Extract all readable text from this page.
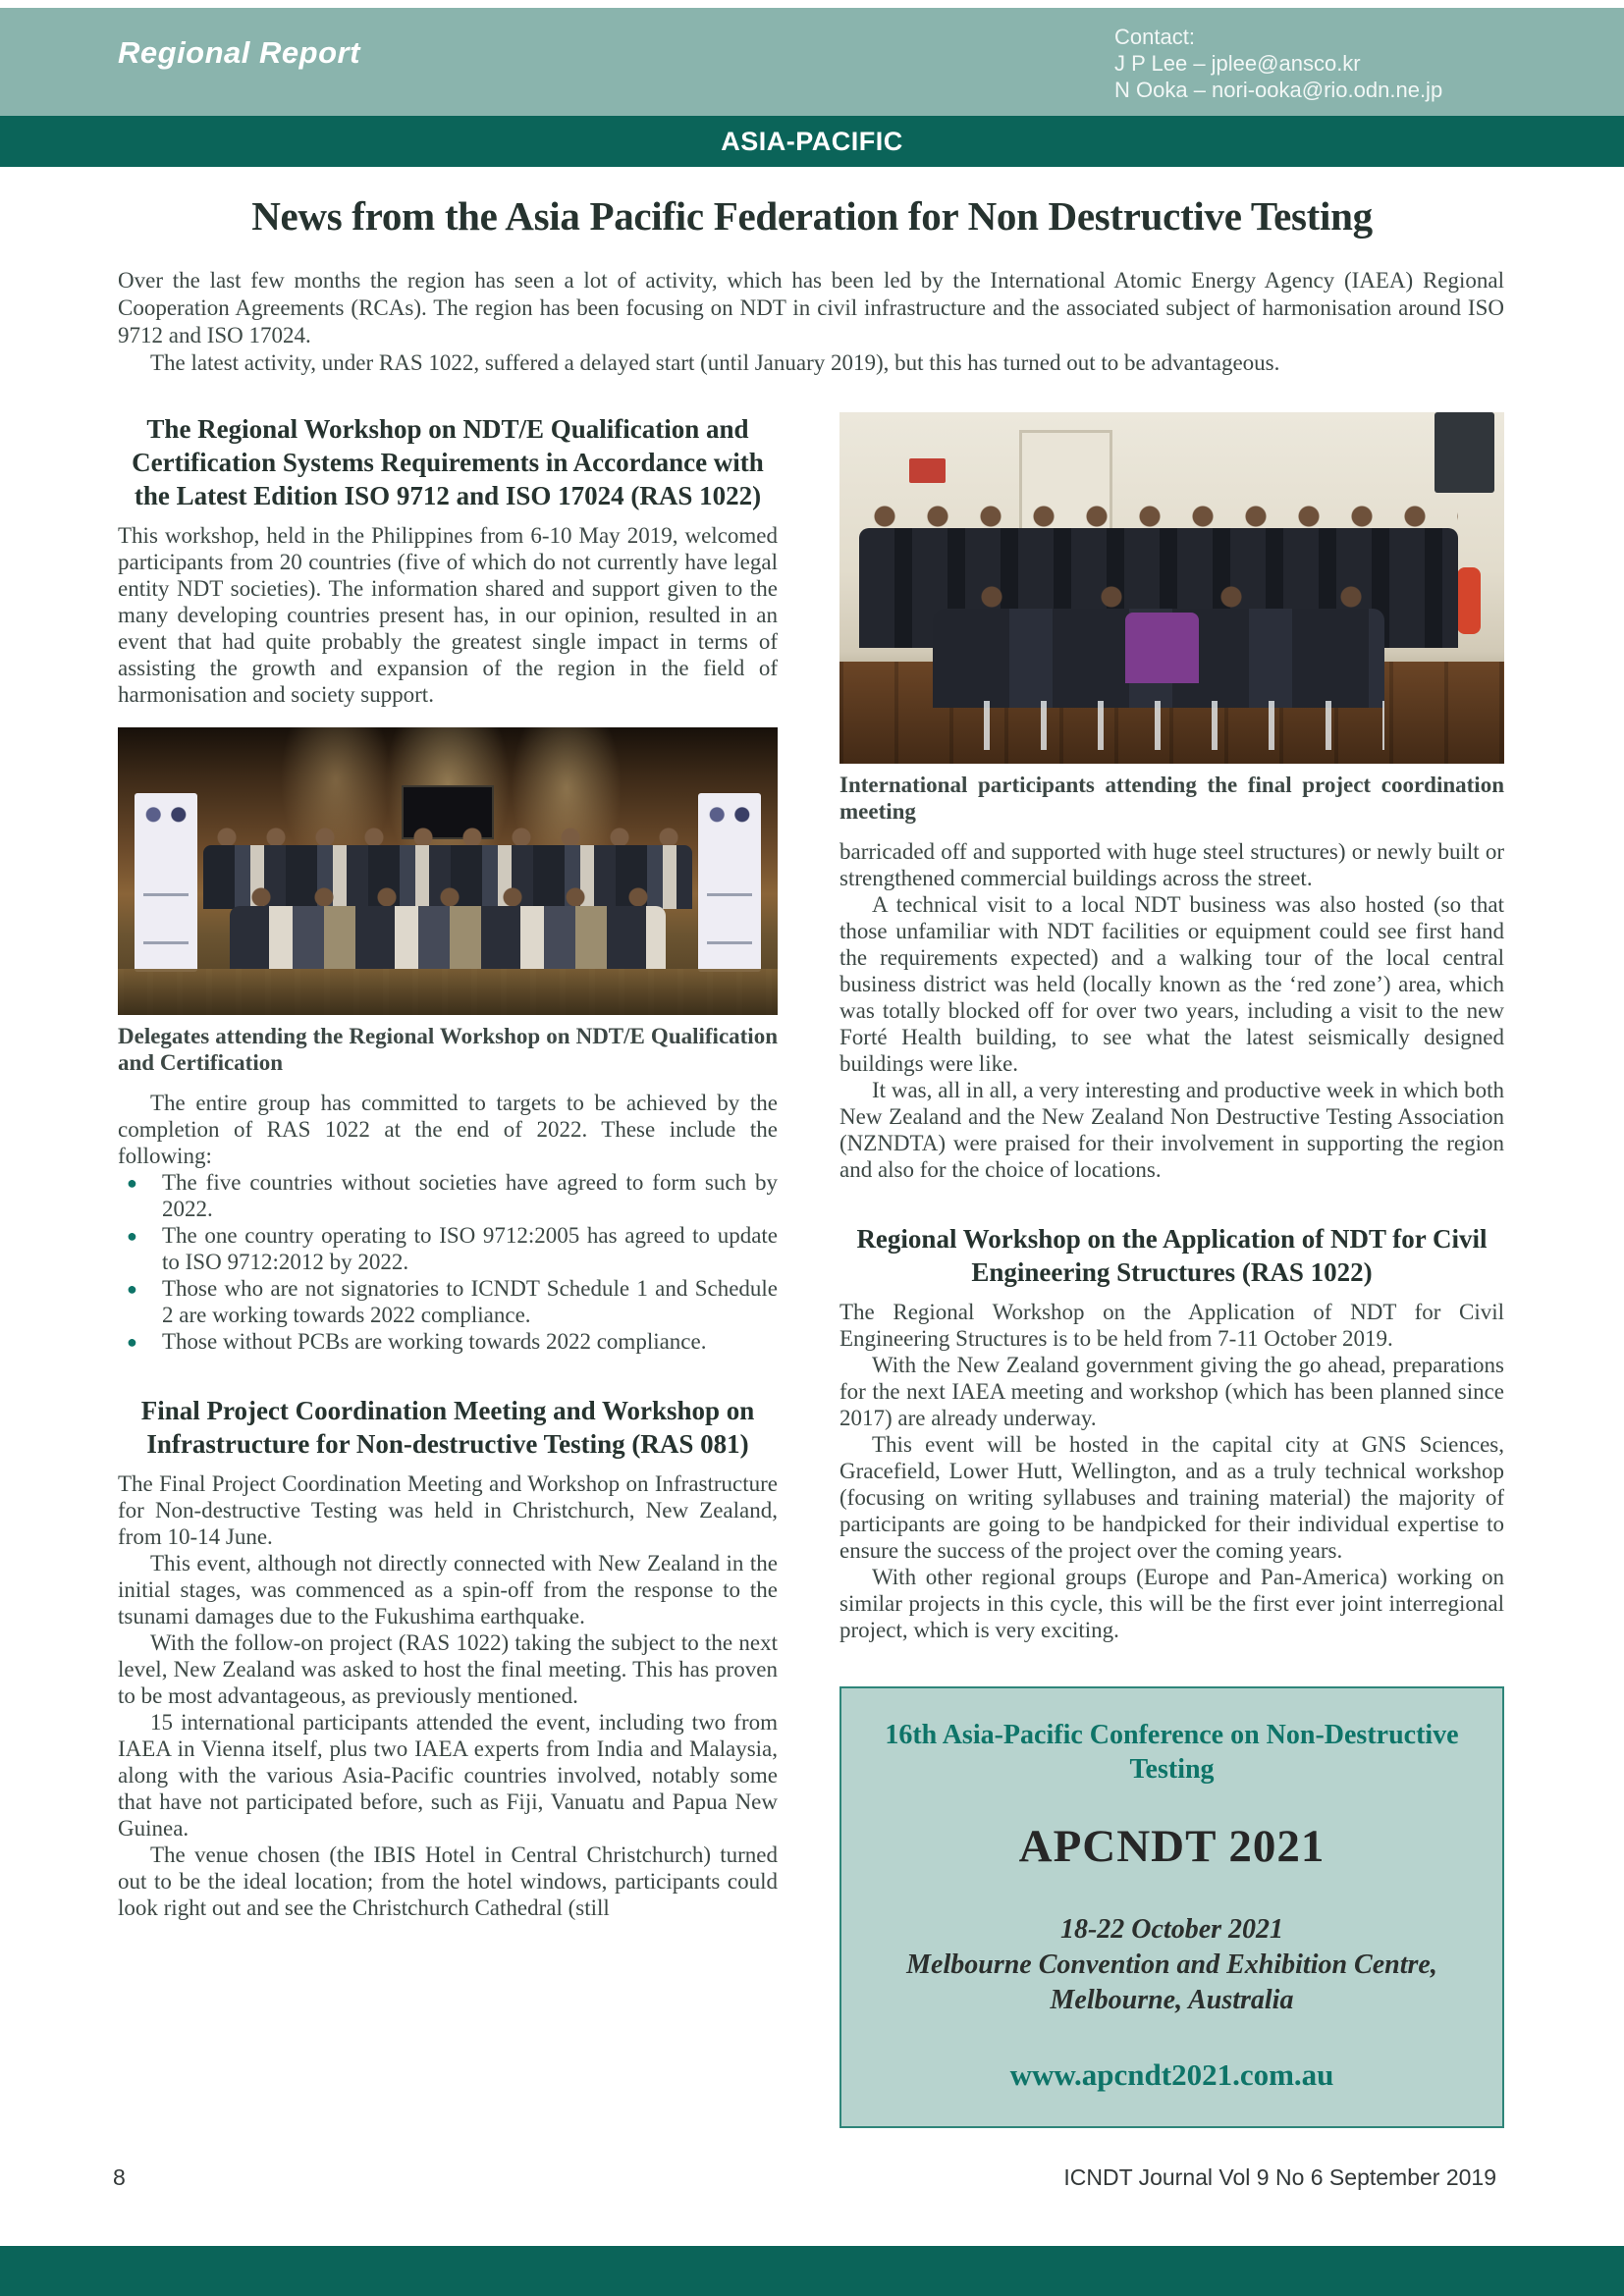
Regional Report	Contact:
J P Lee – jplee@ansco.kr
N Ooka – nori-ooka@rio.odn.ne.jp
ASIA-PACIFIC
News from the Asia Pacific Federation for Non Destructive Testing

Over the last few months the region has seen a lot of activity, which has been led by the International Atomic Energy Agency (IAEA) Regional Cooperation Agreements (RCAs). The region has been focusing on NDT in civil infrastructure and the associated subject of harmonisation around ISO 9712 and ISO 17024.

The latest activity, under RAS 1022, suffered a delayed start (until January 2019), but this has turned out to be advantageous.

The Regional Workshop on NDT/E Qualification and Certification Systems Requirements in Accordance with the Latest Edition ISO 9712 and ISO 17024 (RAS 1022)

This workshop, held in the Philippines from 6-10 May 2019, welcomed participants from 20 countries (five of which do not currently have legal entity NDT societies). The information shared and support given to the many developing countries present has, in our opinion, resulted in an event that had quite probably the greatest single impact in terms of assisting the growth and expansion of the region in the field of harmonisation and society support.

Delegates attending the Regional Workshop on NDT/E Qualification and Certification

The entire group has committed to targets to be achieved by the completion of RAS 1022 at the end of 2022. These include the following:

● The five countries without societies have agreed to form such by 2022.
● The one country operating to ISO 9712:2005 has agreed to update to ISO 9712:2012 by 2022.
● Those who are not signatories to ICNDT Schedule 1 and Schedule 2 are working towards 2022 compliance.
● Those without PCBs are working towards 2022 compliance.
Final Project Coordination Meeting and Workshop on Infrastructure for Non-destructive Testing (RAS 081)

The Final Project Coordination Meeting and Workshop on Infrastructure for Non-destructive Testing was held in Christchurch, New Zealand, from 10-14 June.

This event, although not directly connected with New Zealand in the initial stages, was commenced as a spin-off from the response to the tsunami damages due to the Fukushima earthquake.

With the follow-on project (RAS 1022) taking the subject to the next level, New Zealand was asked to host the final meeting. This has proven to be most advantageous, as previously mentioned.

15 international participants attended the event, including two from IAEA in Vienna itself, plus two IAEA experts from India and Malaysia, along with the various Asia-Pacific countries involved, notably some that have not participated before, such as Fiji, Vanuatu and Papua New Guinea.

The venue chosen (the IBIS Hotel in Central Christchurch) turned out to be the ideal location; from the hotel windows, participants could look right out and see the Christchurch Cathedral (still

International participants attending the final project coordination meeting

barricaded off and supported with huge steel structures) or newly built or strengthened commercial buildings across the street.

A technical visit to a local NDT business was also hosted (so that those unfamiliar with NDT facilities or equipment could see first hand the requirements expected) and a walking tour of the local central business district was held (locally known as the ‘red zone’) area, which was totally blocked off for over two years, including a visit to the new Forté Health building, to see what the latest seismically designed buildings were like.

It was, all in all, a very interesting and productive week in which both New Zealand and the New Zealand Non Destructive Testing Association (NZNDTA) were praised for their involvement in supporting the region and also for the choice of locations.

Regional Workshop on the Application of NDT for Civil Engineering Structures (RAS 1022)

The Regional Workshop on the Application of NDT for Civil Engineering Structures is to be held from 7-11 October 2019.

With the New Zealand government giving the go ahead, preparations for the next IAEA meeting and workshop (which has been planned since 2017) are already underway.

This event will be hosted in the capital city at GNS Sciences, Gracefield, Lower Hutt, Wellington, and as a truly technical workshop (focusing on writing syllabuses and training material) the majority of participants are going to be handpicked for their individual expertise to ensure the success of the project over the coming years.

With other regional groups (Europe and Pan-America) working on similar projects in this cycle, this will be the first ever joint interregional project, which is very exciting.

16th Asia-Pacific Conference on Non-Destructive Testing
APCNDT 2021
18-22 October 2021
Melbourne Convention and Exhibition Centre,
Melbourne, Australia
www.apcndt2021.com.au
8	ICNDT Journal Vol 9 No 6 September 2019
